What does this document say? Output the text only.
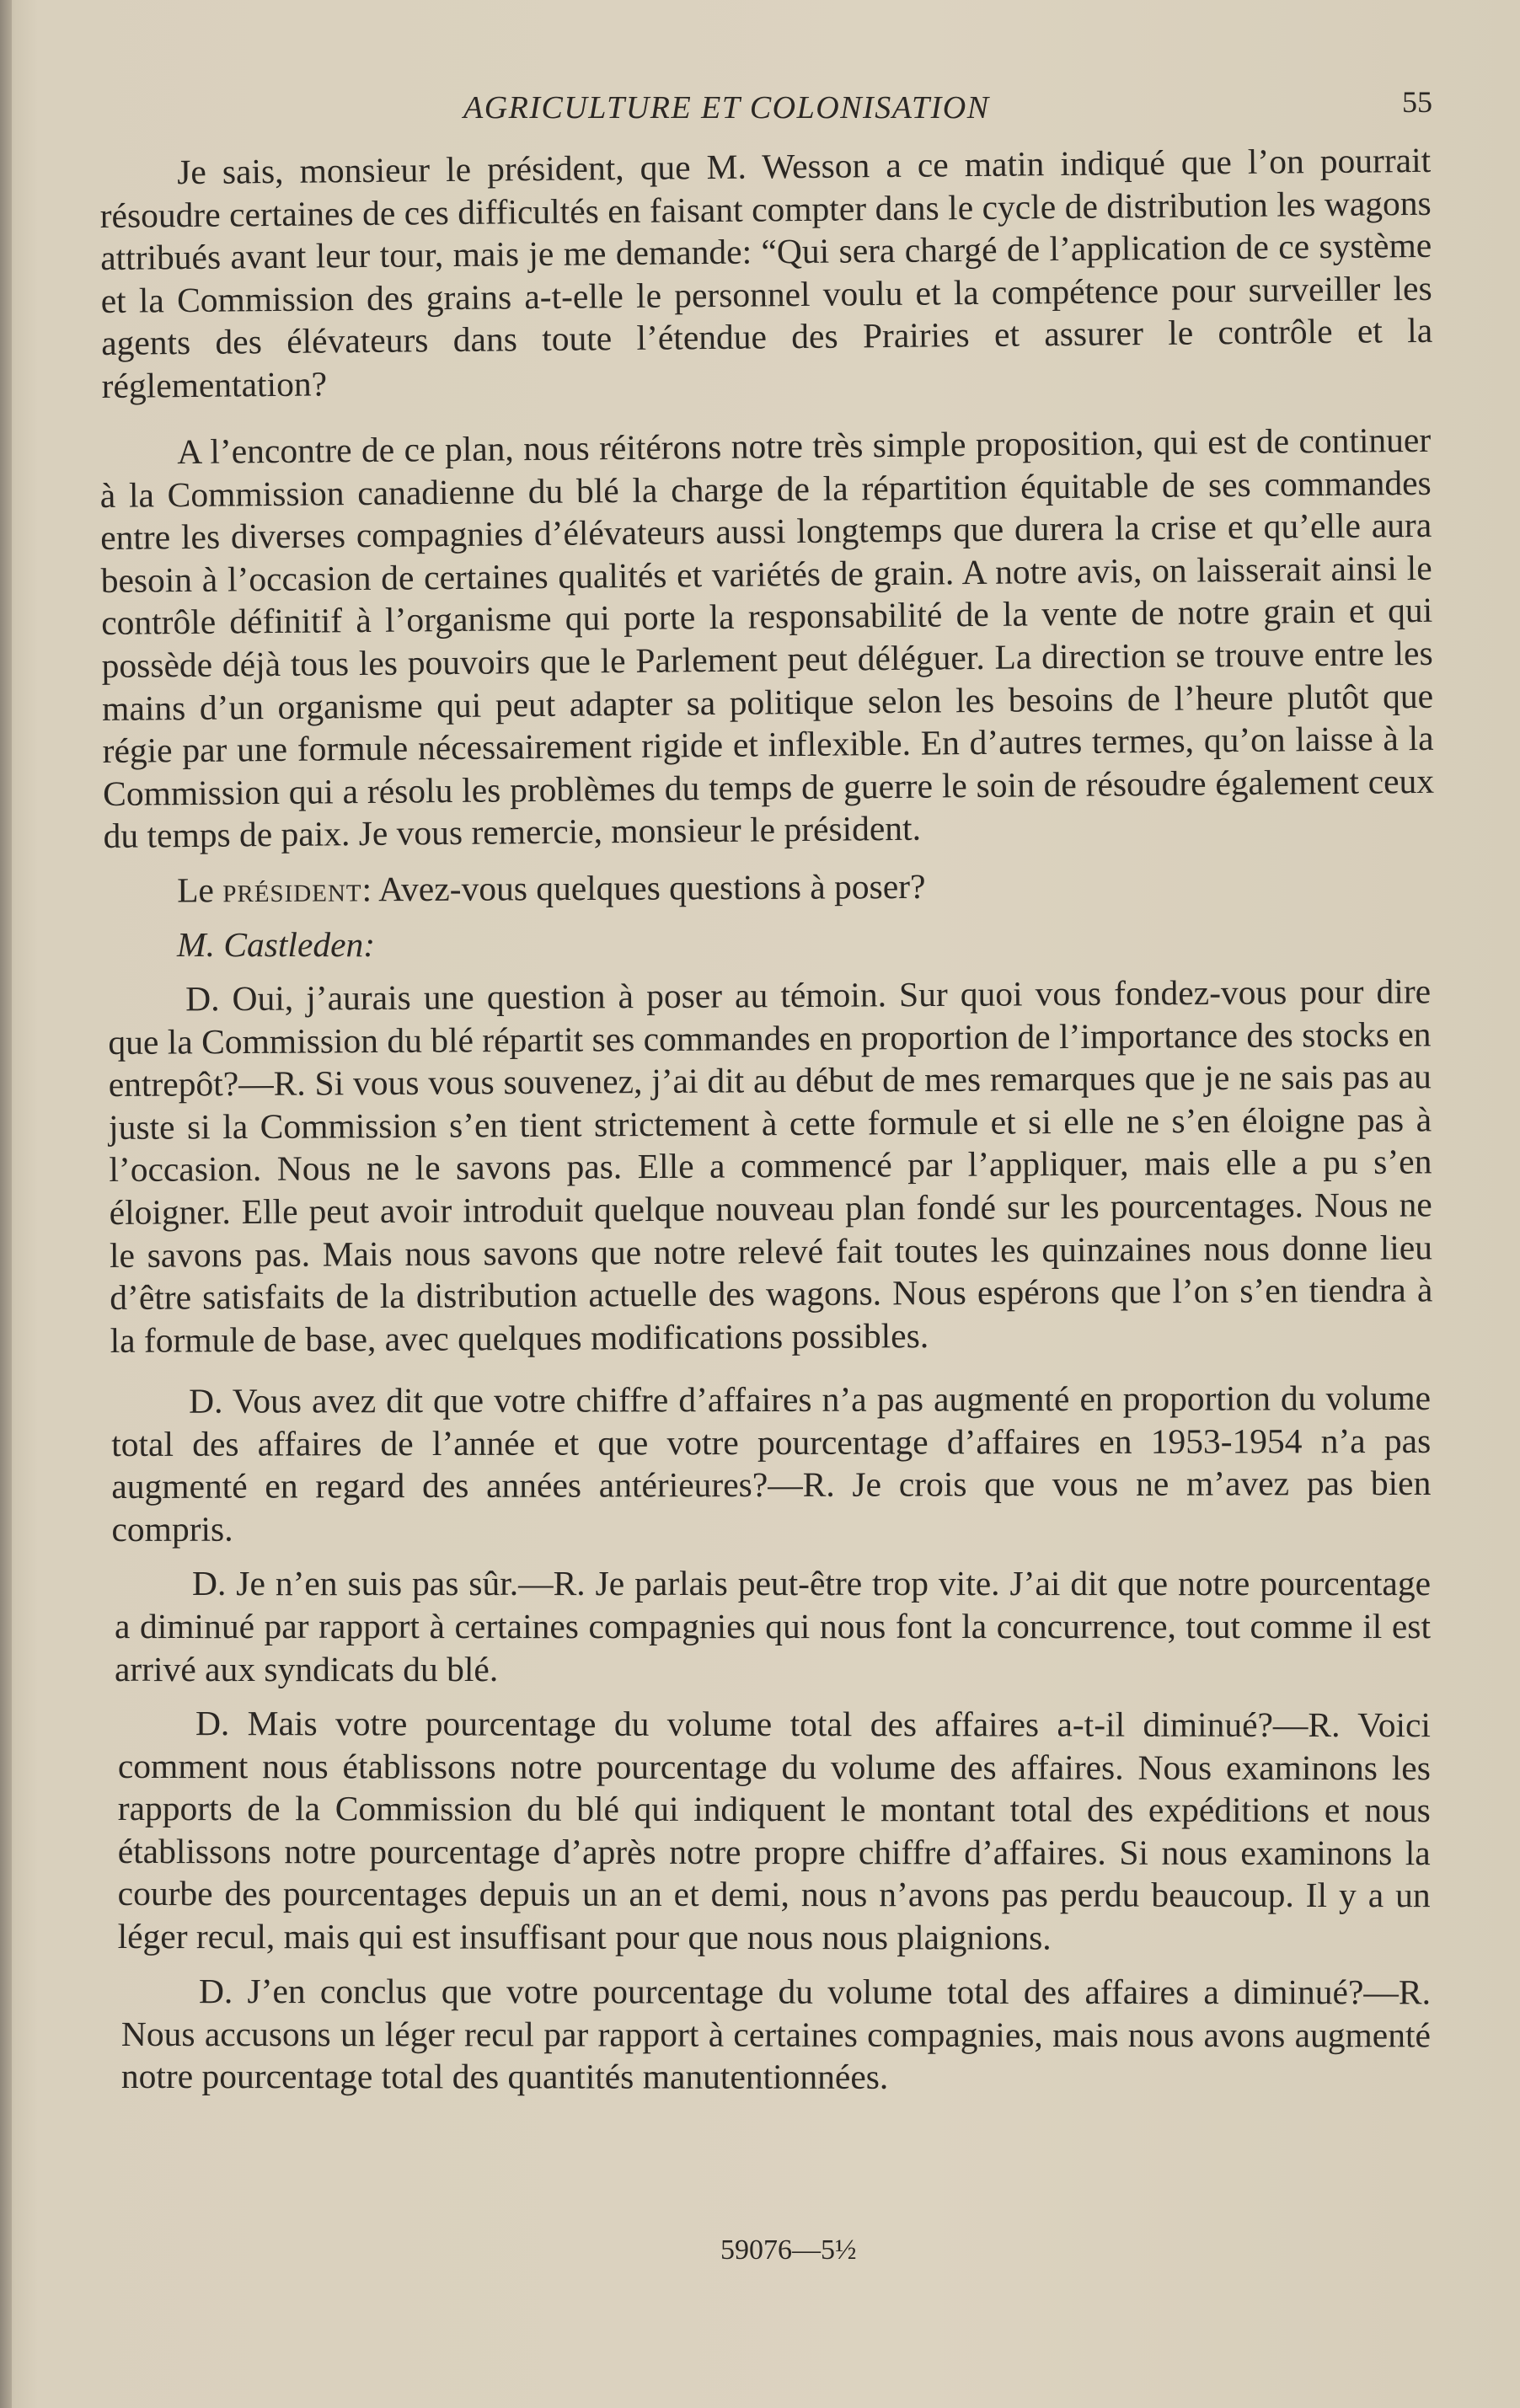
AGRICULTURE ET COLONISATION	55

Je sais, monsieur le président, que M. Wesson a ce matin indiqué que l’on pourrait résoudre certaines de ces difficultés en faisant compter dans le cycle de distribution les wagons attribués avant leur tour, mais je me demande: “Qui sera chargé de l’application de ce système et la Commission des grains a-t-elle le personnel voulu et la compétence pour surveiller les agents des élévateurs dans toute l’étendue des Prairies et assurer le contrôle et la réglementation?

A l’encontre de ce plan, nous réitérons notre très simple proposition, qui est de continuer à la Commission canadienne du blé la charge de la répartition équitable de ses commandes entre les diverses compagnies d’élévateurs aussi longtemps que durera la crise et qu’elle aura besoin à l’occasion de certaines qualités et variétés de grain. A notre avis, on laisserait ainsi le contrôle définitif à l’organisme qui porte la responsabilité de la vente de notre grain et qui possède déjà tous les pouvoirs que le Parlement peut déléguer. La direction se trouve entre les mains d’un organisme qui peut adapter sa politique selon les besoins de l’heure plutôt que régie par une formule nécessairement rigide et inflexible. En d’autres termes, qu’on laisse à la Commission qui a résolu les problèmes du temps de guerre le soin de résoudre également ceux du temps de paix. Je vous remercie, monsieur le président.

Le président: Avez-vous quelques questions à poser?

M. Castleden:

D. Oui, j’aurais une question à poser au témoin. Sur quoi vous fondez-vous pour dire que la Commission du blé répartit ses commandes en proportion de l’importance des stocks en entrepôt?—R. Si vous vous souvenez, j’ai dit au début de mes remarques que je ne sais pas au juste si la Commission s’en tient strictement à cette formule et si elle ne s’en éloigne pas à l’occasion. Nous ne le savons pas. Elle a commencé par l’appliquer, mais elle a pu s’en éloigner. Elle peut avoir introduit quelque nouveau plan fondé sur les pourcentages. Nous ne le savons pas. Mais nous savons que notre relevé fait toutes les quinzaines nous donne lieu d’être satisfaits de la distribution actuelle des wagons. Nous espérons que l’on s’en tiendra à la formule de base, avec quelques modifications possibles.

D. Vous avez dit que votre chiffre d’affaires n’a pas augmenté en proportion du volume total des affaires de l’année et que votre pourcentage d’affaires en 1953-1954 n’a pas augmenté en regard des années antérieures?—R. Je crois que vous ne m’avez pas bien compris.

D. Je n’en suis pas sûr.—R. Je parlais peut-être trop vite. J’ai dit que notre pourcentage a diminué par rapport à certaines compagnies qui nous font la concurrence, tout comme il est arrivé aux syndicats du blé.

D. Mais votre pourcentage du volume total des affaires a-t-il diminué?—R. Voici comment nous établissons notre pourcentage du volume des affaires. Nous examinons les rapports de la Commission du blé qui indiquent le montant total des expéditions et nous établissons notre pourcentage d’après notre propre chiffre d’affaires. Si nous examinons la courbe des pourcentages depuis un an et demi, nous n’avons pas perdu beaucoup. Il y a un léger recul, mais qui est insuffisant pour que nous nous plaignions.

D. J’en conclus que votre pourcentage du volume total des affaires a diminué?—R. Nous accusons un léger recul par rapport à certaines compagnies, mais nous avons augmenté notre pourcentage total des quantités manutentionnées.

59076—5½
